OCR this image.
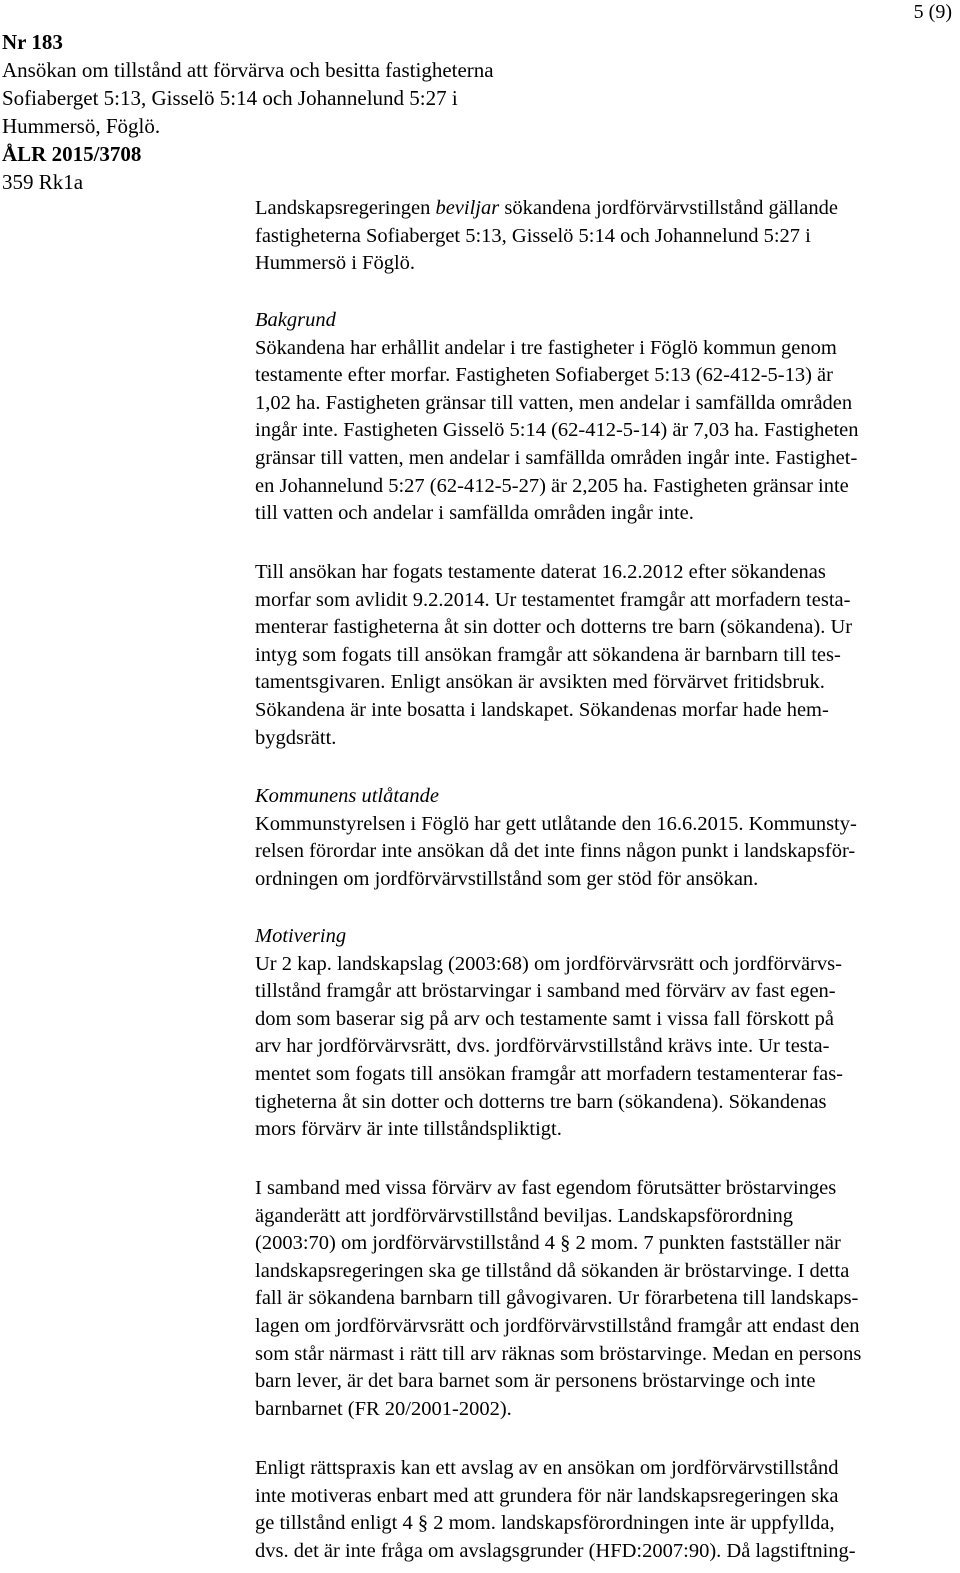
5 (9)
Nr 183
Ansökan om tillstånd att förvärva och besitta fastigheterna
Sofiaberget 5:13, Gisselö 5:14 och Johannelund 5:27 i
Hummersö, Föglö.
ÅLR 2015/3708
359 Rk1a

Landskapsregeringen beviljar sökandena jordförvärvstillstånd gällande

fastigheterna Sofiaberget 5:13, Gisselö 5:14 och Johannelund 5:27 i

Hummersö i Föglö.

Bakgrund

Sökandena har erhållit andelar i tre fastigheter i Föglö kommun genom

testamente efter morfar. Fastigheten Sofiaberget 5:13 (62-412-5-13) är

1,02 ha. Fastigheten gränsar till vatten, men andelar i samfällda områden

ingår inte. Fastigheten Gisselö 5:14 (62-412-5-14) är 7,03 ha. Fastigheten

gränsar till vatten, men andelar i samfällda områden ingår inte. Fastighet-

en Johannelund 5:27 (62-412-5-27) är 2,205 ha. Fastigheten gränsar inte

till vatten och andelar i samfällda områden ingår inte.

Till ansökan har fogats testamente daterat 16.2.2012 efter sökandenas

morfar som avlidit 9.2.2014. Ur testamentet framgår att morfadern testa-

menterar fastigheterna åt sin dotter och dotterns tre barn (sökandena). Ur

intyg som fogats till ansökan framgår att sökandena är barnbarn till tes-

tamentsgivaren. Enligt ansökan är avsikten med förvärvet fritidsbruk.

Sökandena är inte bosatta i landskapet. Sökandenas morfar hade hem-

bygdsrätt.

Kommunens utlåtande

Kommunstyrelsen i Föglö har gett utlåtande den 16.6.2015. Kommunsty-

relsen förordar inte ansökan då det inte finns någon punkt i landskapsför-

ordningen om jordförvärvstillstånd som ger stöd för ansökan.

Motivering

Ur 2 kap. landskapslag (2003:68) om jordförvärvsrätt och jordförvärvs-

tillstånd framgår att bröstarvingar i samband med förvärv av fast egen-

dom som baserar sig på arv och testamente samt i vissa fall förskott på

arv har jordförvärvsrätt, dvs. jordförvärvstillstånd krävs inte. Ur testa-

mentet som fogats till ansökan framgår att morfadern testamenterar fas-

tigheterna åt sin dotter och dotterns tre barn (sökandena). Sökandenas

mors förvärv är inte tillståndspliktigt.

I samband med vissa förvärv av fast egendom förutsätter bröstarvinges

äganderätt att jordförvärvstillstånd beviljas. Landskapsförordning

(2003:70) om jordförvärvstillstånd 4 § 2 mom. 7 punkten fastställer när

landskapsregeringen ska ge tillstånd då sökanden är bröstarvinge. I detta

fall är sökandena barnbarn till gåvogivaren. Ur förarbetena till landskaps-

lagen om jordförvärvsrätt och jordförvärvstillstånd framgår att endast den

som står närmast i rätt till arv räknas som bröstarvinge. Medan en persons

barn lever, är det bara barnet som är personens bröstarvinge och inte

barnbarnet (FR 20/2001-2002).

Enligt rättspraxis kan ett avslag av en ansökan om jordförvärvstillstånd

inte motiveras enbart med att grundera för när landskapsregeringen ska

ge tillstånd enligt 4 § 2 mom. landskapsförordningen inte är uppfyllda,

dvs. det är inte fråga om avslagsgrunder (HFD:2007:90). Då lagstiftning-
